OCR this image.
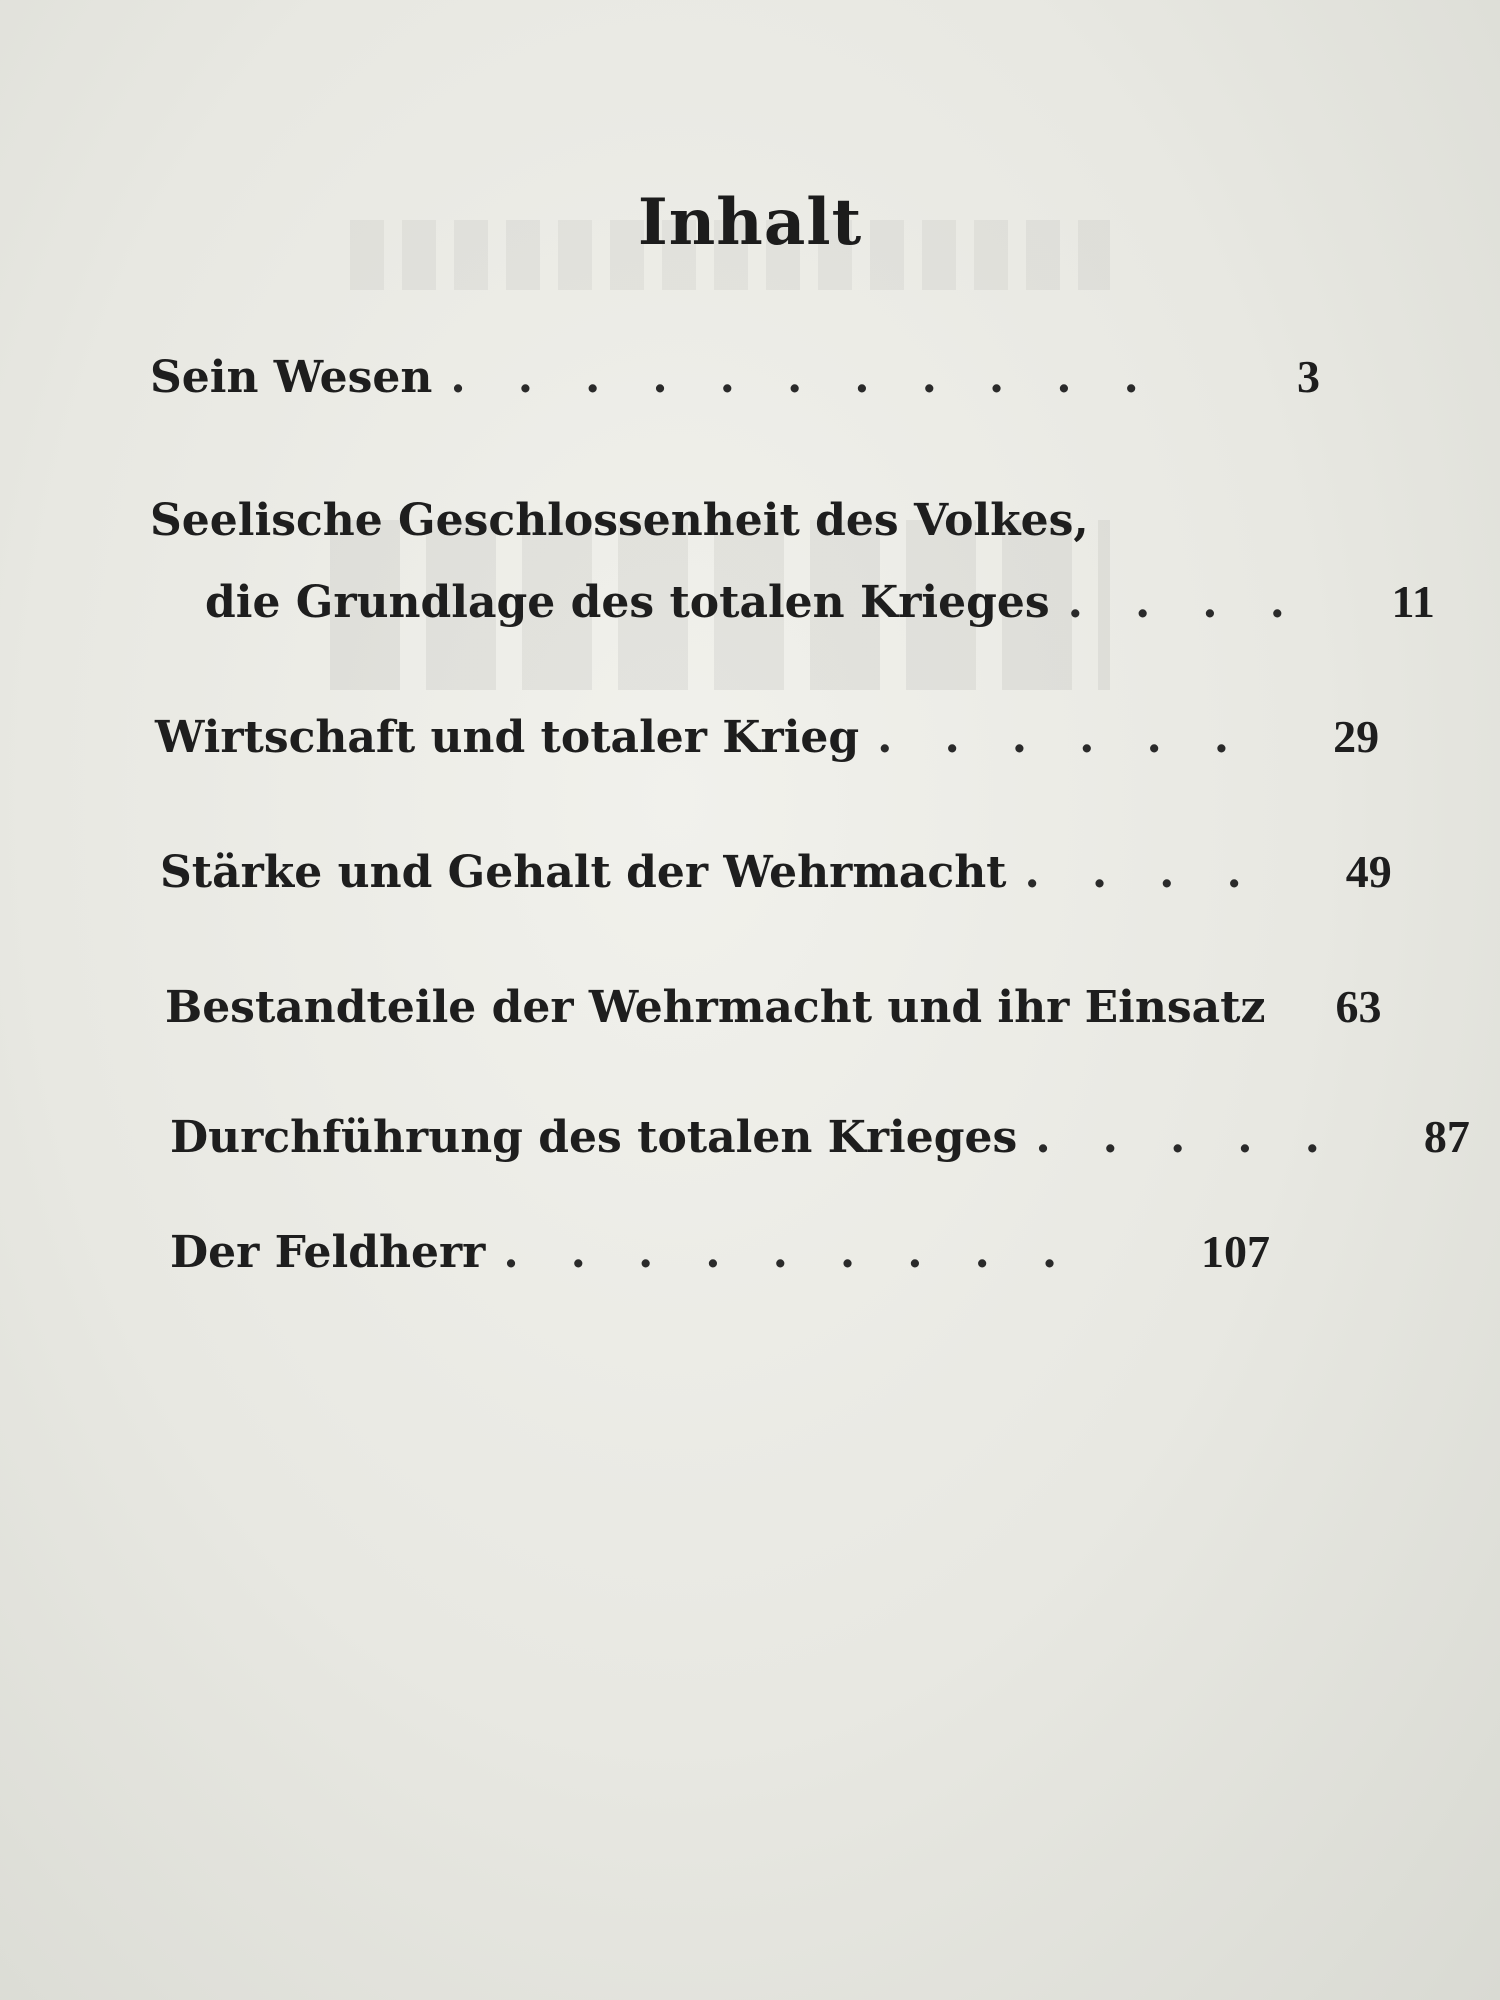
Inhalt
Sein Wesen ...........	3
Seelische Geschlossenheit des Volkes,
die Grundlage des totalen Krieges ....	11
Wirtschaft und totaler Krieg ......	29
Stärke und Gehalt der Wehrmacht ....	49
Bestandteile der Wehrmacht und ihr Einsatz	63
Durchführung des totalen Krieges .....	87
Der Feldherr .........	107
